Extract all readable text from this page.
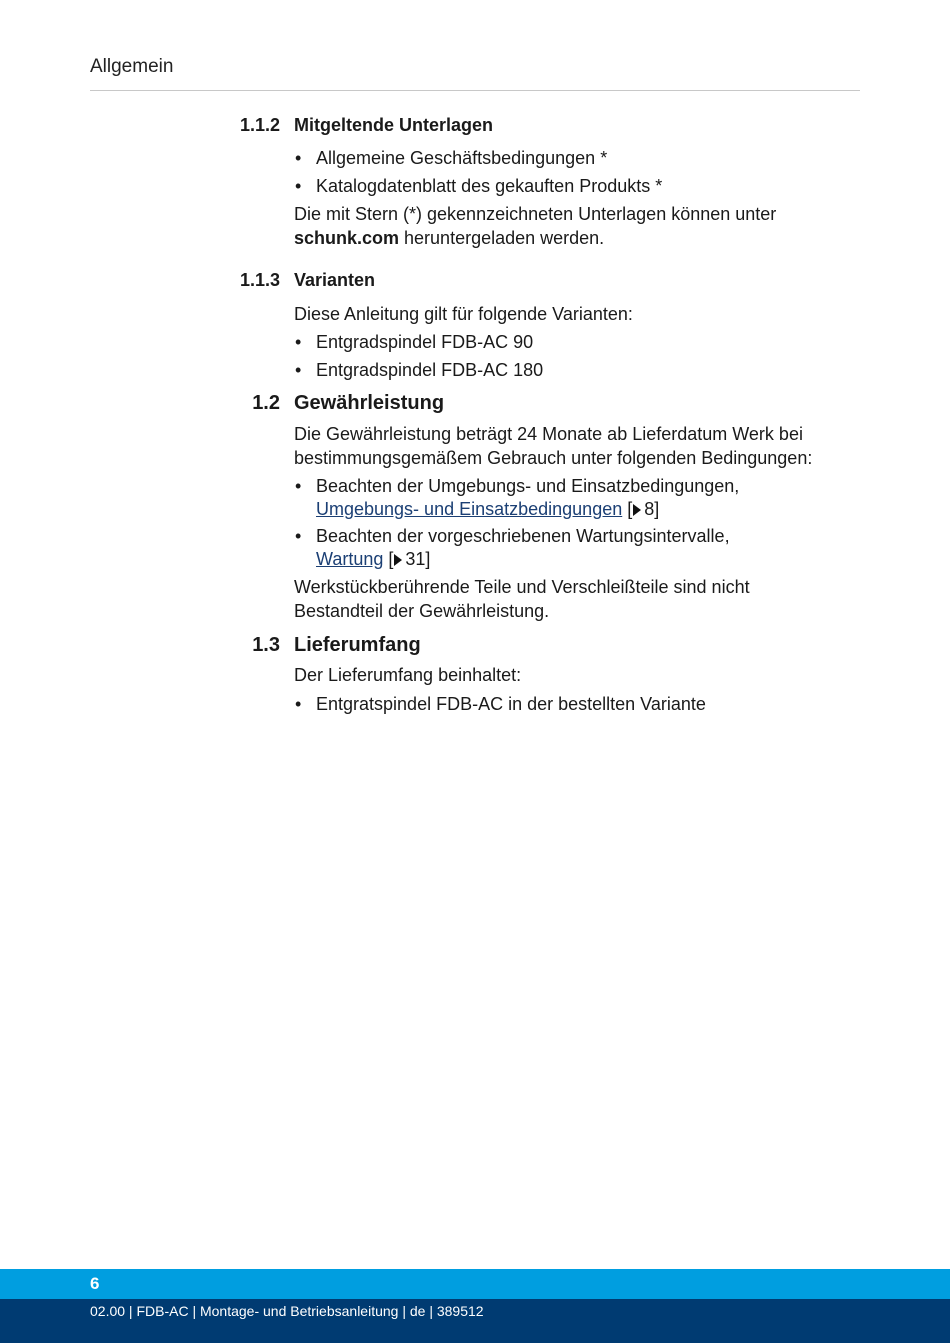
Allgemein
1.1.2 Mitgeltende Unterlagen
• Allgemeine Geschäftsbedingungen *
• Katalogdatenblatt des gekauften Produkts *
Die mit Stern (*) gekennzeichneten Unterlagen können unter
schunk.com heruntergeladen werden.
1.1.3 Varianten
Diese Anleitung gilt für folgende Varianten:
• Entgradspindel FDB-AC 90
• Entgradspindel FDB-AC 180
1.2 Gewährleistung
Die Gewährleistung beträgt 24 Monate ab Lieferdatum Werk bei
bestimmungsgemäßem Gebrauch unter folgenden Bedingungen:
• Beachten der Umgebungs- und Einsatzbedingungen,
Umgebungs- und Einsatzbedingungen [ 8]
• Beachten der vorgeschriebenen Wartungsintervalle,
Wartung [ 31]
Werkstückberührende Teile und Verschleißteile sind nicht
Bestandteil der Gewährleistung.
1.3 Lieferumfang
Der Lieferumfang beinhaltet:
• Entgratspindel FDB-AC in der bestellten Variante
6
02.00 | FDB-AC | Montage- und Betriebsanleitung | de | 389512
